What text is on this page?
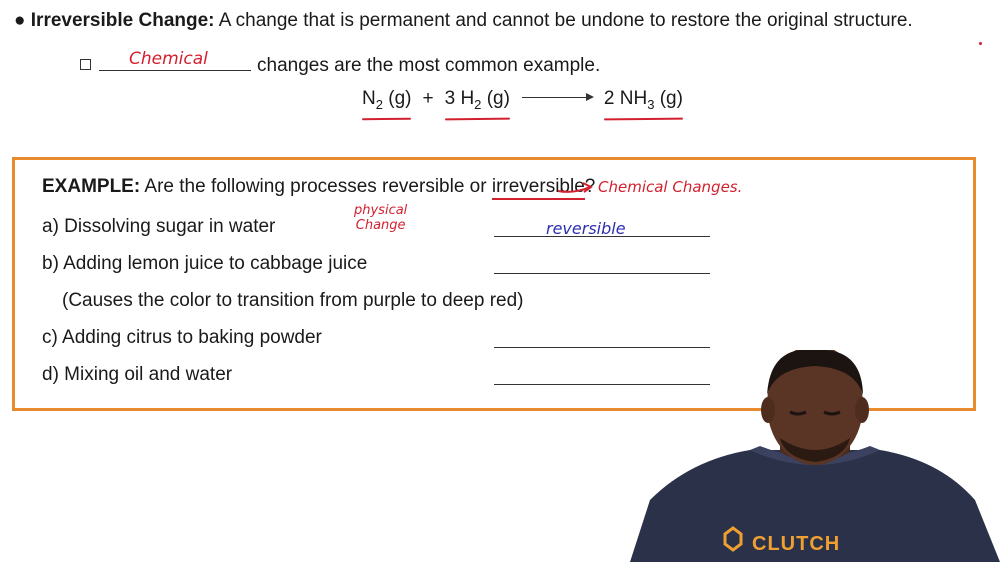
● Irreversible Change: A change that is permanent and cannot be undone to restore the original structure.
Chemical	changes are the most common example.
$N_2$ (g) + 3 $H_2$ (g) → 2 $NH_3$ (g)
EXAMPLE: Are the following processes reversible or irreversible? Chemical Changes.
a) Dissolving sugar in water	reversible
physical
Change
b) Adding lemon juice to cabbage juice
(Causes the color to transition from purple to deep red)
c) Adding citrus to baking powder
d) Mixing oil and water
CLUTCH
